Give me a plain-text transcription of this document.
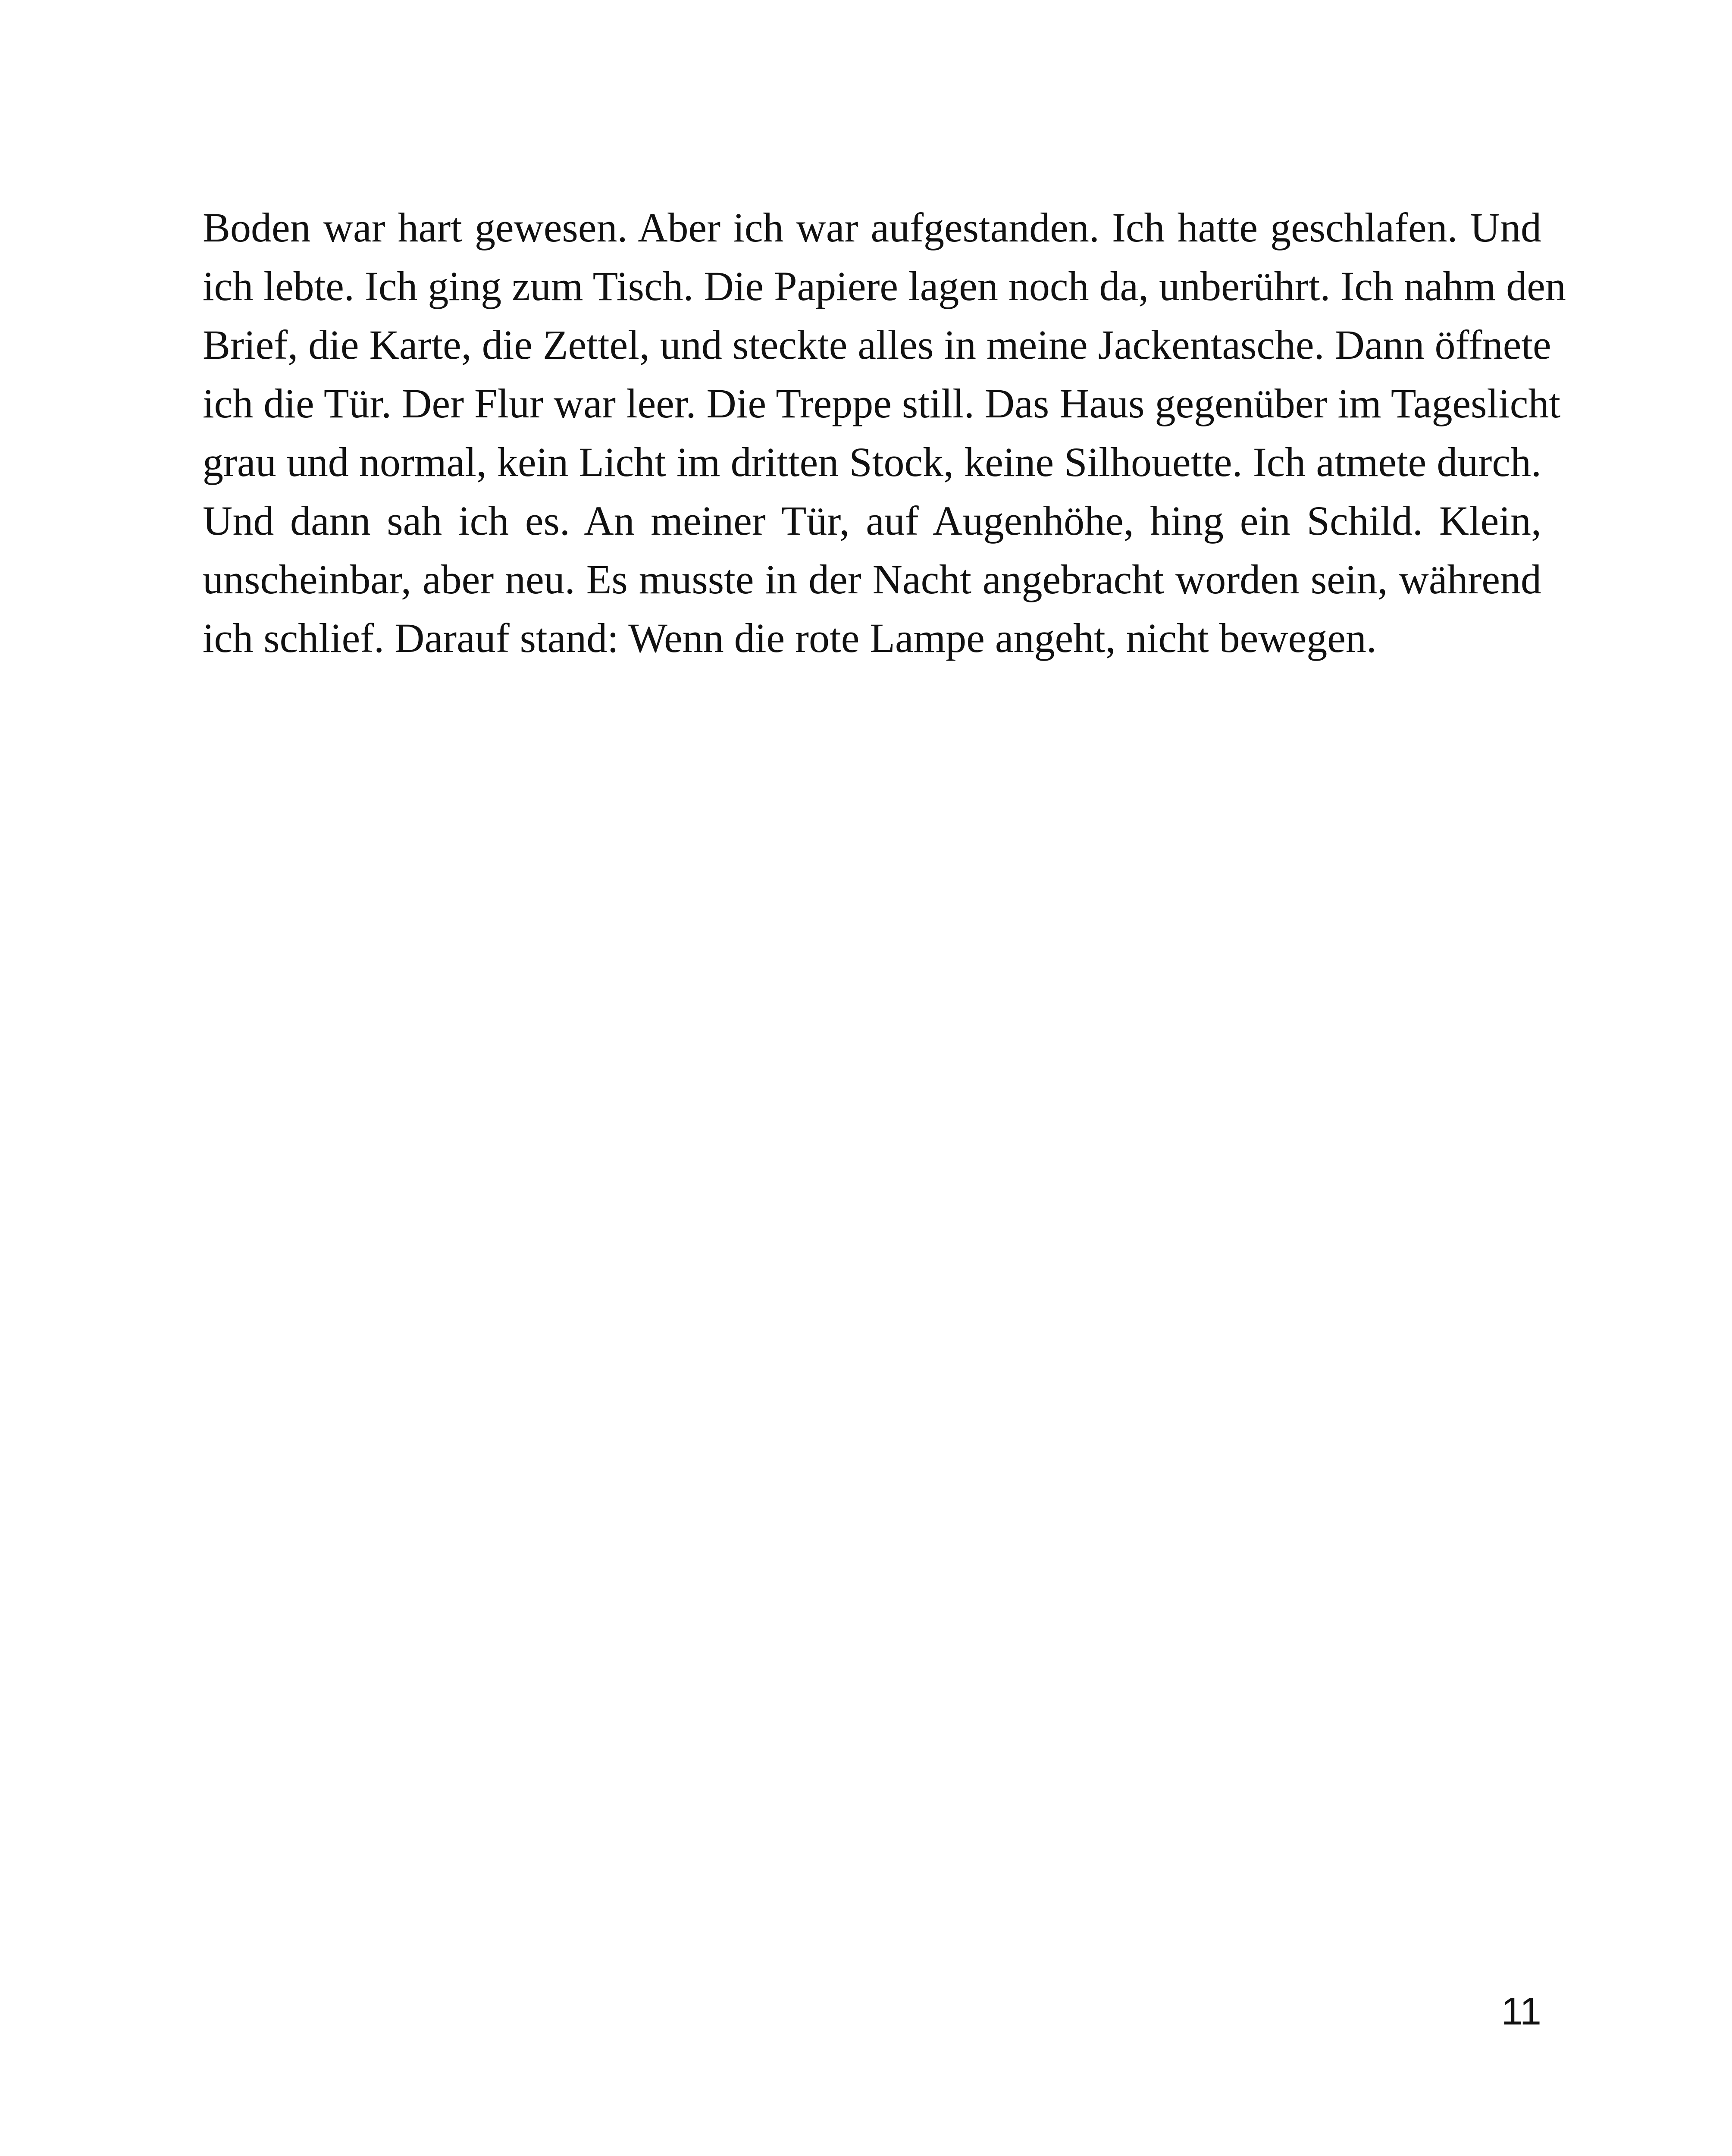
Boden war hart gewesen. Aber ich war aufgestanden. Ich hatte geschlafen. Und
ich lebte. Ich ging zum Tisch. Die Papiere lagen noch da, unberührt. Ich nahm den
Brief, die Karte, die Zettel, und steckte alles in meine Jackentasche. Dann öffnete
ich die Tür. Der Flur war leer. Die Treppe still. Das Haus gegenüber im Tageslicht
grau und normal, kein Licht im dritten Stock, keine Silhouette. Ich atmete durch.
Und dann sah ich es. An meiner Tür, auf Augenhöhe, hing ein Schild. Klein,
unscheinbar, aber neu. Es musste in der Nacht angebracht worden sein, während
ich schlief. Darauf stand: Wenn die rote Lampe angeht, nicht bewegen.

11
